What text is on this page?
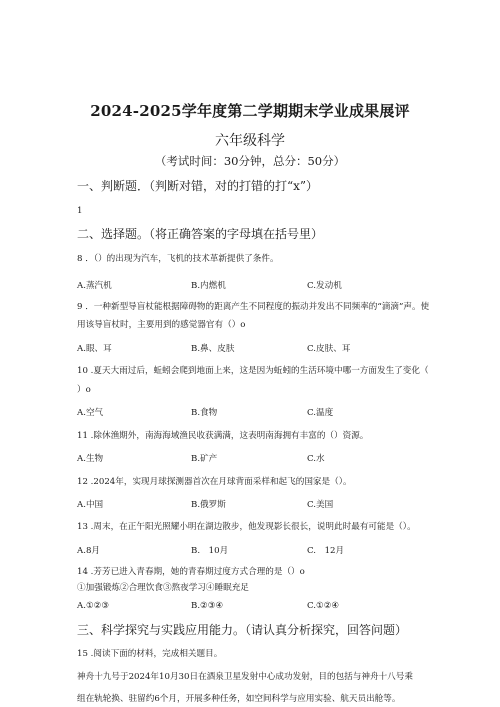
2024-2025学年度第二学期期末学业成果展评
六年级科学
（考试时间：30分钟，总分：50分）
一、判断题．（判断对错，对的打错的打“x”）
1
二、选择题。（将正确答案的字母填在括号里）
8 ．（）的出现为汽车，飞机的技术革新提供了条件。
A.蒸汽机	B.内燃机	C.发动机
9 ．一种新型导盲杖能根据障碍物的距离产生不同程度的振动并发出不同频率的“滴滴”声。使
用该导盲杖时，主要用到的感觉器官有（）o
A.眼、耳	B.鼻、皮肤	C.皮肤、耳
10 .夏天大雨过后，蚯蚓会爬到地面上来，这是因为蚯蚓的生活环境中哪一方面发生了变化（
）o
A.空气	B.食物	C.温度
11 .除休渔期外，南海海域渔民收获满满，这表明南海拥有丰富的（）资源。
A.生物	B.矿产	C.水
12 .2024年，实现月球探测器首次在月球背面采样和起飞的国家是（）。
A.中国	B.俄罗斯	C.美国
13 .周末，在正午阳光照耀小明在湖边散步，他发现影长很长，说明此时最有可能是（）。
A.8月	B.　10月	C.　12月
14 .芳芳已进入青春期，她的青春期过度方式合理的是（）o
①加强锻炼②合理饮食③熬夜学习④睡眠充足
A.①②③	B.②③④	C.①②④
三、科学探究与实践应用能力。（请认真分析探究，回答问题）
15 .阅读下面的材料，完成相关题目。
神舟十九号于2024年10月30日在酒泉卫星发射中心成功发射，目的包括与神舟十八号乘
组在轨轮换、驻留约6个月，开展多种任务，如空间科学与应用实验、航天员出舱等。
